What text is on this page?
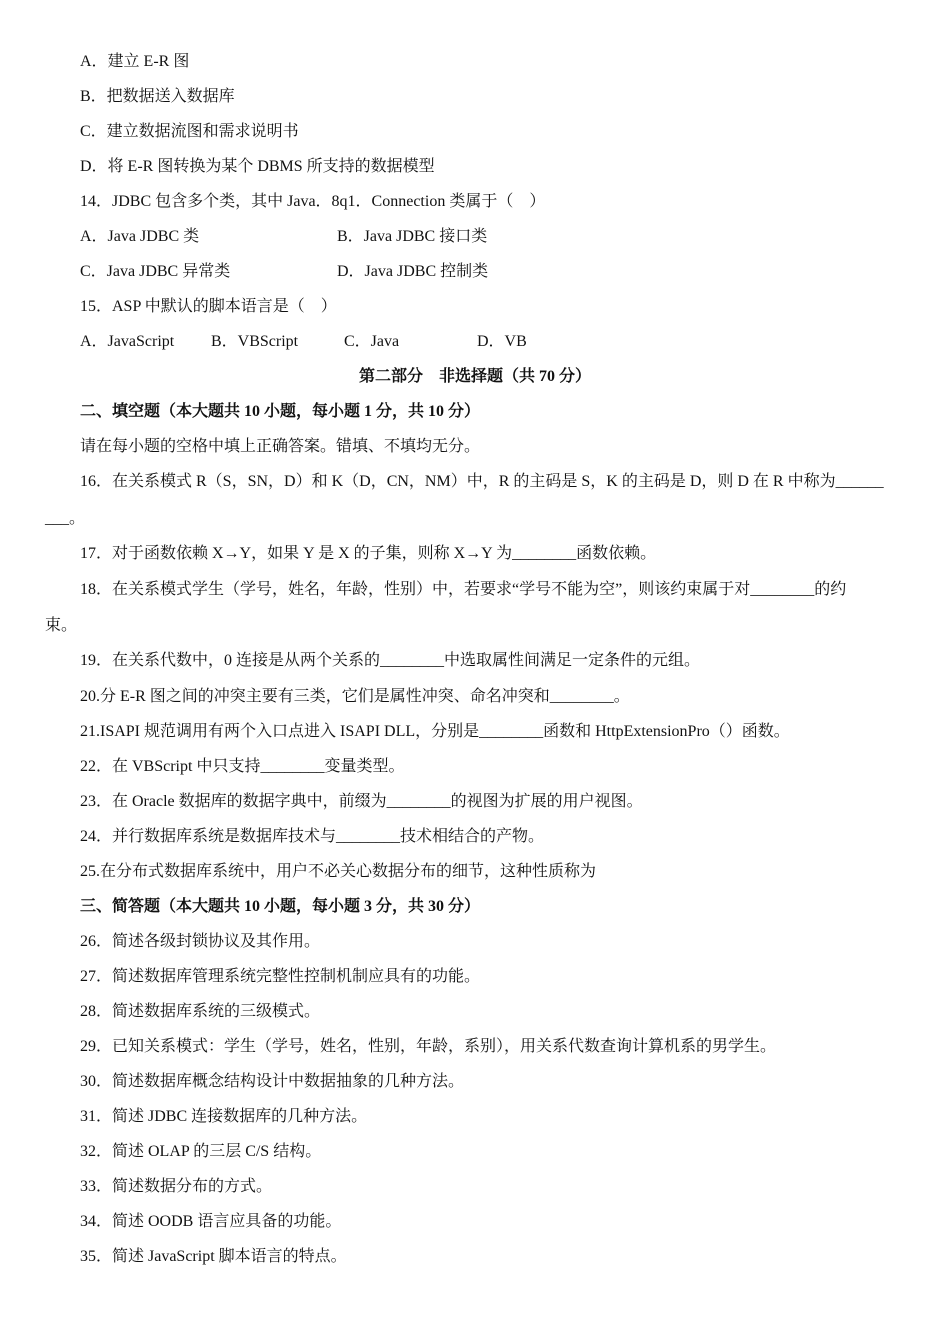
A．建立 E-R 图
B．把数据送入数据库
C．建立数据流图和需求说明书
D．将 E-R 图转换为某个 DBMS 所支持的数据模型
14．JDBC 包含多个类，其中 Java．8q1．Connection 类属于（　）
A．Java JDBC 类	B．Java JDBC 接口类
C．Java JDBC 异常类	D．Java JDBC 控制类
15．ASP 中默认的脚本语言是（　）
A．JavaScript B．VBScript	C．Java	D．VB
第二部分　非选择题（共 70 分）
二、填空题（本大题共 10 小题，每小题 1 分，共 10 分）
请在每小题的空格中填上正确答案。错填、不填均无分。
16．在关系模式 R（S，SN，D）和 K（D，CN，NM）中，R 的主码是 S，K 的主码是 D，则 D 在 R 中称为______
___。
17．对于函数依赖 X→Y，如果 Y 是 X 的子集，则称 X→Y 为________函数依赖。
18．在关系模式学生（学号，姓名，年龄，性别）中，若要求“学号不能为空”，则该约束属于对________的约
束。
19．在关系代数中，0 连接是从两个关系的________中选取属性间满足一定条件的元组。
20.分 E-R 图之间的冲突主要有三类，它们是属性冲突、命名冲突和________。
21.ISAPI 规范调用有两个入口点进入 ISAPI DLL，分别是________函数和 HttpExtensionPro（）函数。
22．在 VBScript 中只支持________变量类型。
23．在 Oracle 数据库的数据字典中，前缀为________的视图为扩展的用户视图。
24．并行数据库系统是数据库技术与________技术相结合的产物。
25.在分布式数据库系统中，用户不必关心数据分布的细节，这种性质称为
三、简答题（本大题共 10 小题，每小题 3 分，共 30 分）
26．简述各级封锁协议及其作用。
27．简述数据库管理系统完整性控制机制应具有的功能。
28．简述数据库系统的三级模式。
29．已知关系模式：学生（学号，姓名，性别，年龄，系别），用关系代数查询计算机系的男学生。
30．简述数据库概念结构设计中数据抽象的几种方法。
31．简述 JDBC 连接数据库的几种方法。
32．简述 OLAP 的三层 C/S 结构。
33．简述数据分布的方式。
34．简述 OODB 语言应具备的功能。
35．简述 JavaScript 脚本语言的特点。
